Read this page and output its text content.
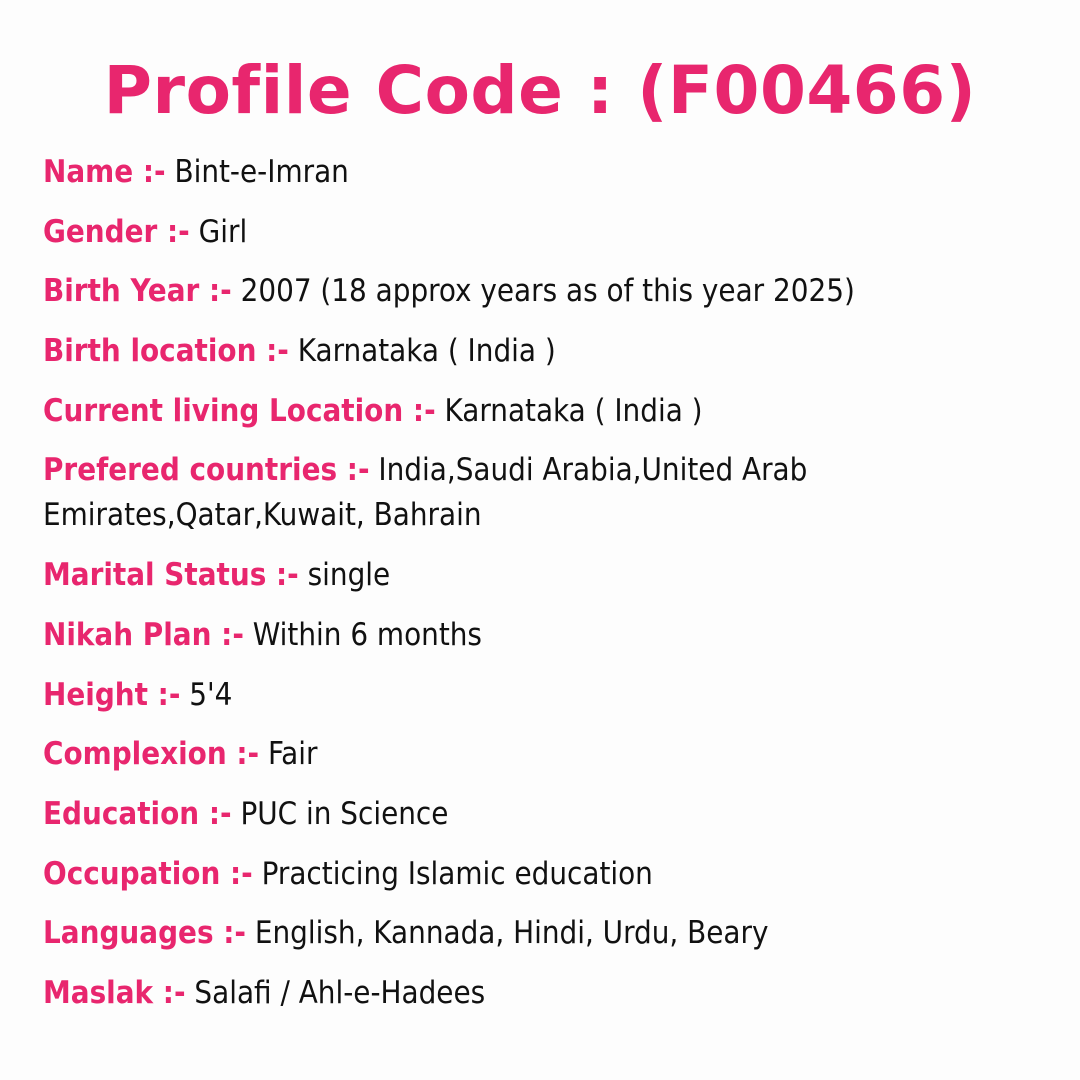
Profile Code : (F00466)

Name :- Bint-e-Imran

Gender :- Girl

Birth Year :- 2007 (18 approx years as of this year 2025)

Birth location :- Karnataka ( India )

Current living Location :- Karnataka ( India )

Prefered countries :- India,Saudi Arabia,United Arab Emirates,Qatar,Kuwait, Bahrain

Marital Status :- single

Nikah Plan :- Within 6 months

Height :- 5'4

Complexion :- Fair

Education :- PUC in Science

Occupation :- Practicing Islamic education

Languages :- English, Kannada, Hindi, Urdu, Beary

Maslak :- Salafi / Ahl-e-Hadees
